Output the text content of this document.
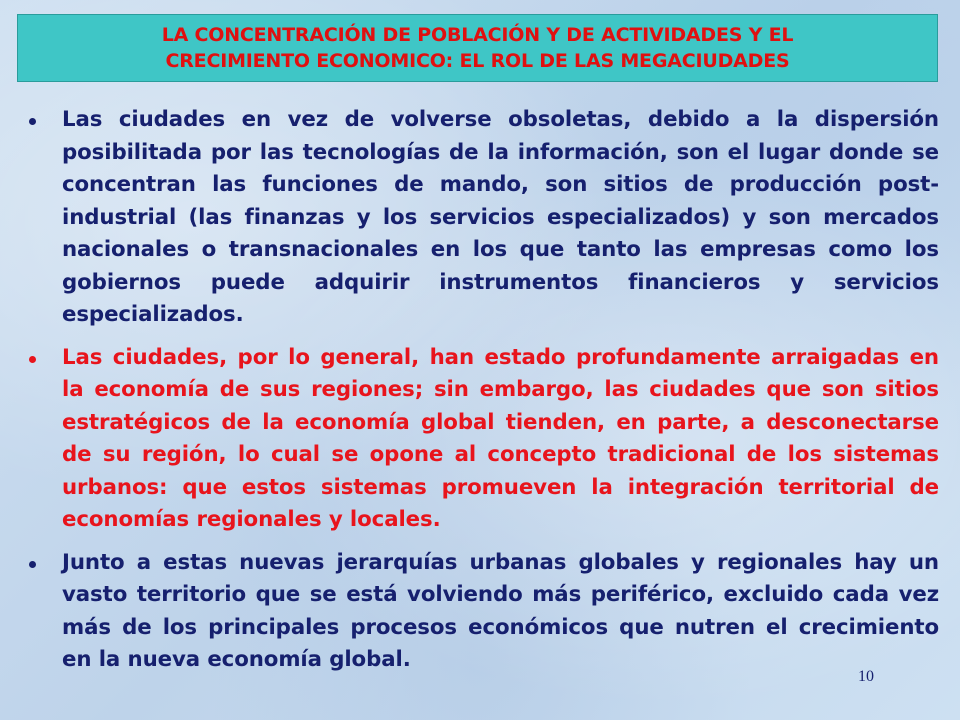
LA CONCENTRACIÓN DE POBLACIÓN Y DE ACTIVIDADES Y EL
CRECIMIENTO ECONOMICO: EL ROL DE LAS MEGACIUDADES
Las ciudades en vez de volverse obsoletas, debido a la dispersión posibilitada por las tecnologías de la información, son el lugar donde se concentran las funciones de mando, son sitios de producción post-industrial (las finanzas y los servicios especializados) y son mercados nacionales o transnacionales en los que tanto las empresas como los gobiernos puede adquirir instrumentos financieros y servicios especializados.
Las ciudades, por lo general, han estado profundamente arraigadas en la economía de sus regiones; sin embargo, las ciudades que son sitios estratégicos de la economía global tienden, en parte, a desconectarse de su región, lo cual se opone al concepto tradicional de los sistemas urbanos: que estos sistemas promueven la integración territorial de economías regionales y locales.
Junto a estas nuevas jerarquías urbanas globales y regionales hay un vasto territorio que se está volviendo más periférico, excluido cada vez más de los principales procesos económicos que nutren el crecimiento en la nueva economía global.
10
